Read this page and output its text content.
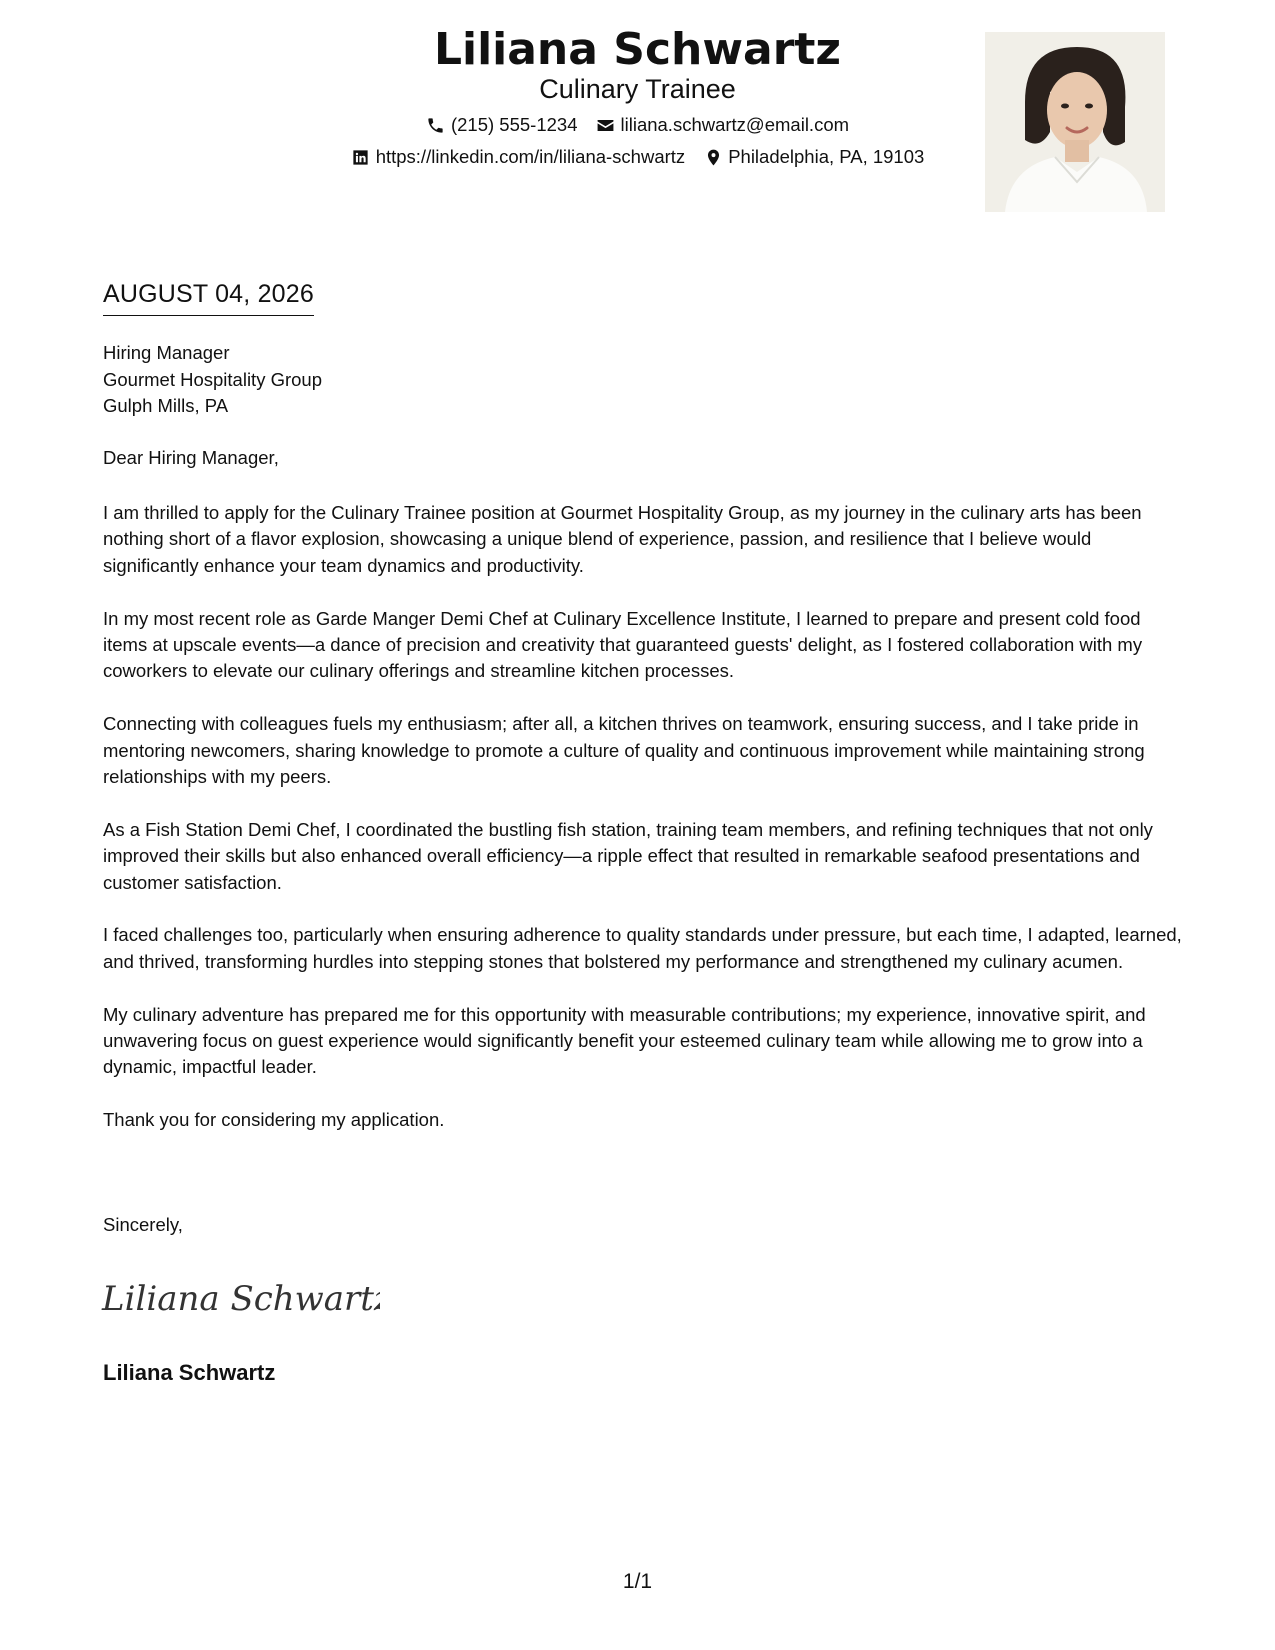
Liliana Schwartz
Culinary Trainee
(215) 555-1234 liliana.schwartz@email.com
https://linkedin.com/in/liliana-schwartz Philadelphia, PA, 19103
AUGUST 04, 2026
Hiring Manager
Gourmet Hospitality Group
Gulph Mills, PA
Dear Hiring Manager,

I am thrilled to apply for the Culinary Trainee position at Gourmet Hospitality Group, as my journey in the culinary arts has been nothing short of a flavor explosion, showcasing a unique blend of experience, passion, and resilience that I believe would significantly enhance your team dynamics and productivity.

In my most recent role as Garde Manger Demi Chef at Culinary Excellence Institute, I learned to prepare and present cold food items at upscale events—a dance of precision and creativity that guaranteed guests' delight, as I fostered collaboration with my coworkers to elevate our culinary offerings and streamline kitchen processes.

Connecting with colleagues fuels my enthusiasm; after all, a kitchen thrives on teamwork, ensuring success, and I take pride in mentoring newcomers, sharing knowledge to promote a culture of quality and continuous improvement while maintaining strong relationships with my peers.

As a Fish Station Demi Chef, I coordinated the bustling fish station, training team members, and refining techniques that not only improved their skills but also enhanced overall efficiency—a ripple effect that resulted in remarkable seafood presentations and customer satisfaction.

I faced challenges too, particularly when ensuring adherence to quality standards under pressure, but each time, I adapted, learned, and thrived, transforming hurdles into stepping stones that bolstered my performance and strengthened my culinary acumen.

My culinary adventure has prepared me for this opportunity with measurable contributions; my experience, innovative spirit, and unwavering focus on guest experience would significantly benefit your esteemed culinary team while allowing me to grow into a dynamic, impactful leader.

Thank you for considering my application.

Sincerely,
Liliana Schwartz
Liliana Schwartz
1/1
